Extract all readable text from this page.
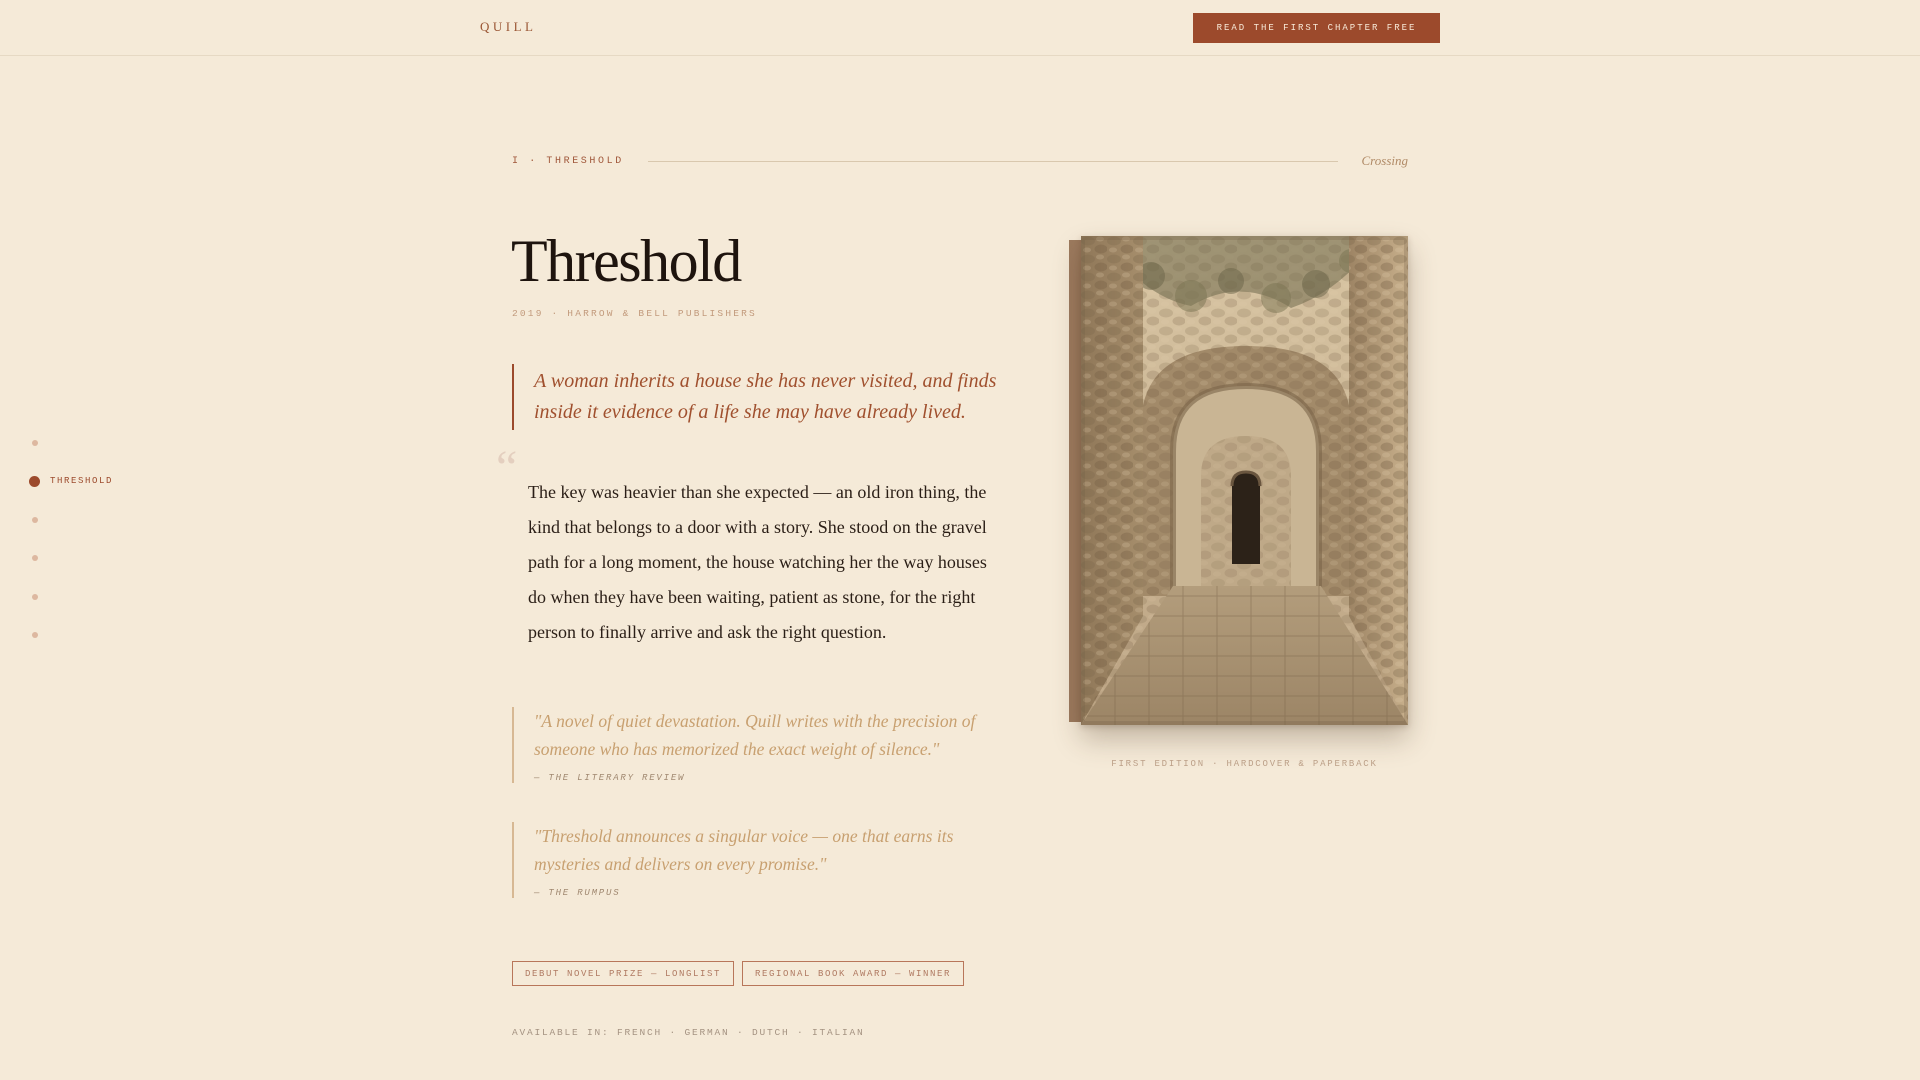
QUILL	READ THE FIRST CHAPTER FREE
THRESHOLD
I · THRESHOLD	Crossing
Threshold
2019 · HARROW & BELL PUBLISHERS
A woman inherits a house she has never visited, and finds inside it evidence of a life she may have already lived.
“ The key was heavier than she expected — an old iron thing, the kind that belongs to a door with a story. She stood on the gravel path for a long moment, the house watching her the way houses do when they have been waiting, patient as stone, for the right person to finally arrive and ask the right question.

"A novel of quiet devastation. Quill writes with the precision of someone who has memorized the exact weight of silence."
— THE LITERARY REVIEW
"Threshold announces a singular voice — one that earns its mysteries and delivers on every promise."
— THE RUMPUS
DEBUT NOVEL PRIZE — LONGLIST	REGIONAL BOOK AWARD — WINNER
AVAILABLE IN: FRENCH · GERMAN · DUTCH · ITALIAN
FIRST EDITION · HARDCOVER & PAPERBACK
